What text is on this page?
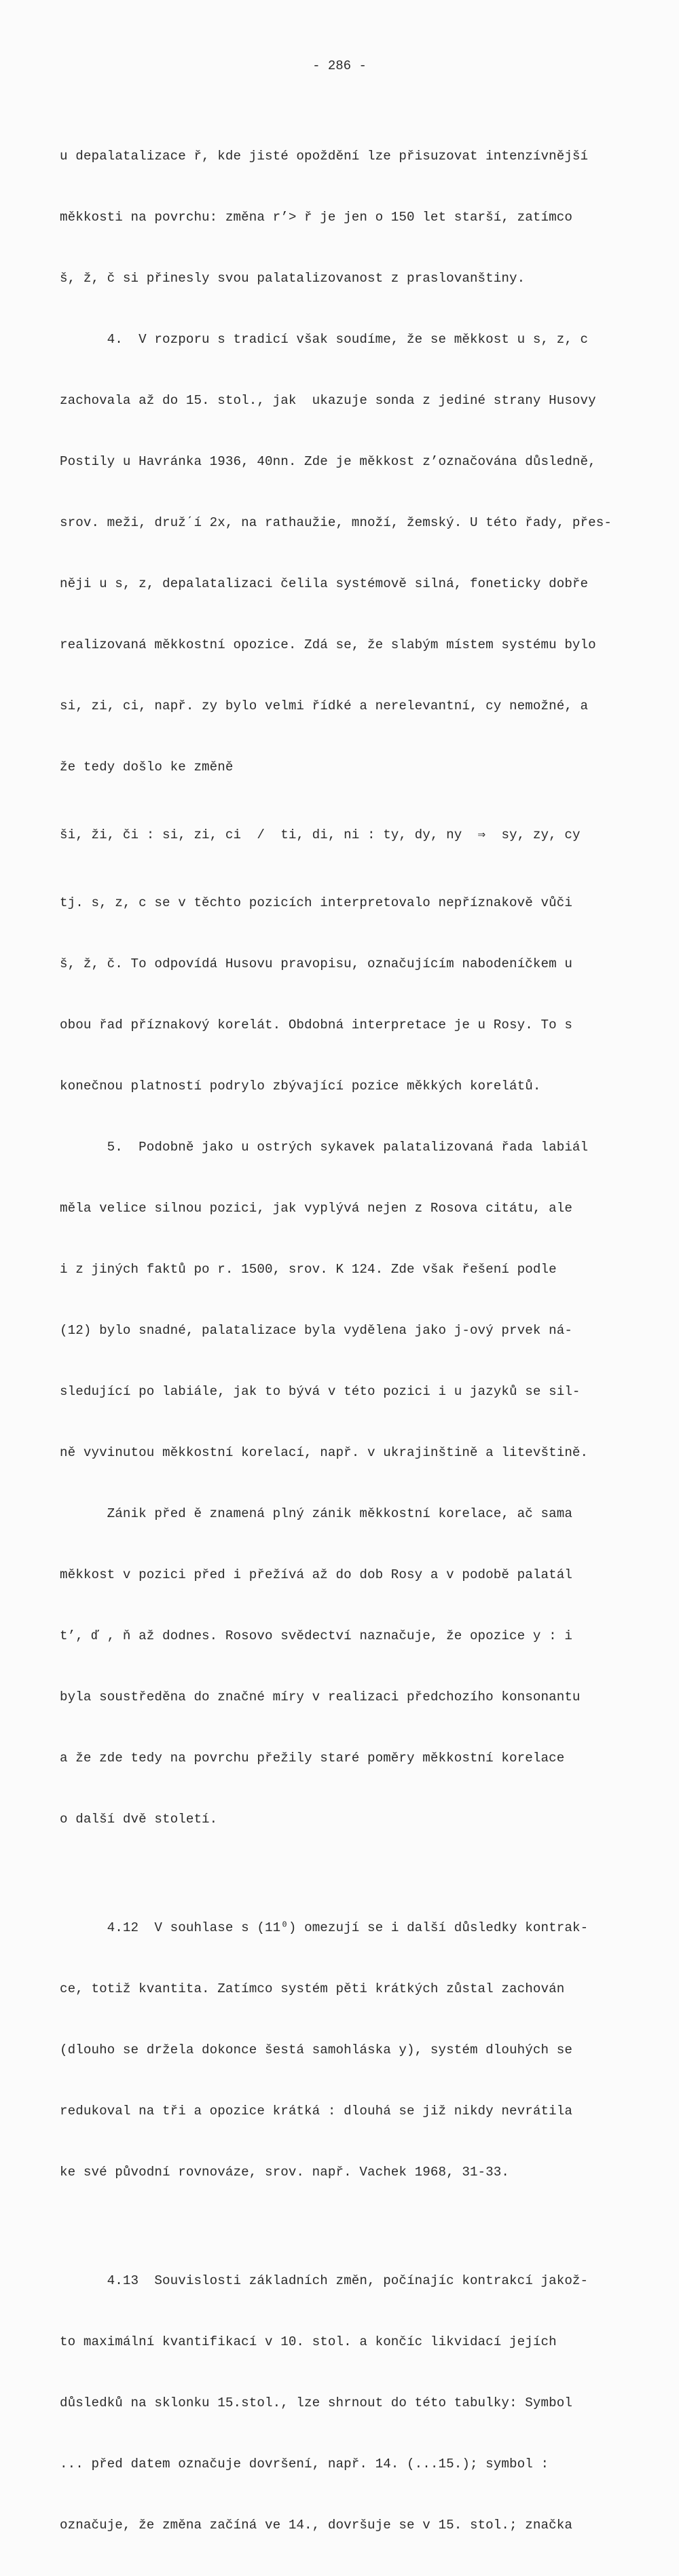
- 286 -

u depalatalizace ř, kde jisté opoždění lze přisuzovat intenzívnější

měkkosti na povrchu: změna r’> ř je jen o 150 let starší, zatímco

š, ž, č si přinesly svou palatalizovanost z praslovanštiny.

4.  V rozporu s tradicí však soudíme, že se měkkost u s, z, c

zachovala až do 15. stol., jak  ukazuje sonda z jediné strany Husovy

Postily u Havránka 1936, 40nn. Zde je měkkost z’označována důsledně,

srov. meži, družˊí 2x, na rathaužie, množí, žemský. U této řady, přes-

něji u s, z, depalatalizaci čelila systémově silná, foneticky dobře

realizovaná měkkostní opozice. Zdá se, že slabým místem systému bylo

si, zi, ci, např. zy bylo velmi řídké a nerelevantní, cy nemožné, a

že tedy došlo ke změně

ši, ži, či : si, zi, ci  /  ti, di, ni : ty, dy, ny  ⇒  sy, zy, cy

tj. s, z, c se v těchto pozicích interpretovalo nepříznakově vůči

š, ž, č. To odpovídá Husovu pravopisu, označujícím nabodeníčkem u

obou řad příznakový korelát. Obdobná interpretace je u Rosy. To s

konečnou platností podrylo zbývající pozice měkkých korelátů.

5.  Podobně jako u ostrých sykavek palatalizovaná řada labiál

měla velice silnou pozici, jak vyplývá nejen z Rosova citátu, ale

i z jiných faktů po r. 1500, srov. K 124. Zde však řešení podle

(12) bylo snadné, palatalizace byla vydělena jako j-ový prvek ná-

sledující po labiále, jak to bývá v této pozici i u jazyků se sil-

ně vyvinutou měkkostní korelací, např. v ukrajinštině a litevštině.

Zánik před ě znamená plný zánik měkkostní korelace, ač sama

měkkost v pozici před i přežívá až do dob Rosy a v podobě palatál

t’, ď , ň až dodnes. Rosovo svědectví naznačuje, že opozice y : i

byla soustředěna do značné míry v realizaci předchozího konsonantu

a že zde tedy na povrchu přežily staré poměry měkkostní korelace

o další dvě století.

4.12  V souhlase s (11⁰) omezují se i další důsledky kontrak-

ce, totiž kvantita. Zatímco systém pěti krátkých zůstal zachován

(dlouho se držela dokonce šestá samohláska y), systém dlouhých se

redukoval na tři a opozice krátká : dlouhá se již nikdy nevrátila

ke své původní rovnováze, srov. např. Vachek 1968, 31-33.

4.13  Souvislosti základních změn, počínajíc kontrakcí jakož-

to maximální kvantifikací v 10. stol. a končíc likvidací jejích

důsledků na sklonku 15.stol., lze shrnout do této tabulky: Symbol

... před datem označuje dovršení, např. 14. (...15.); symbol :

označuje, že změna začíná ve 14., dovršuje se v 15. stol.; značka
